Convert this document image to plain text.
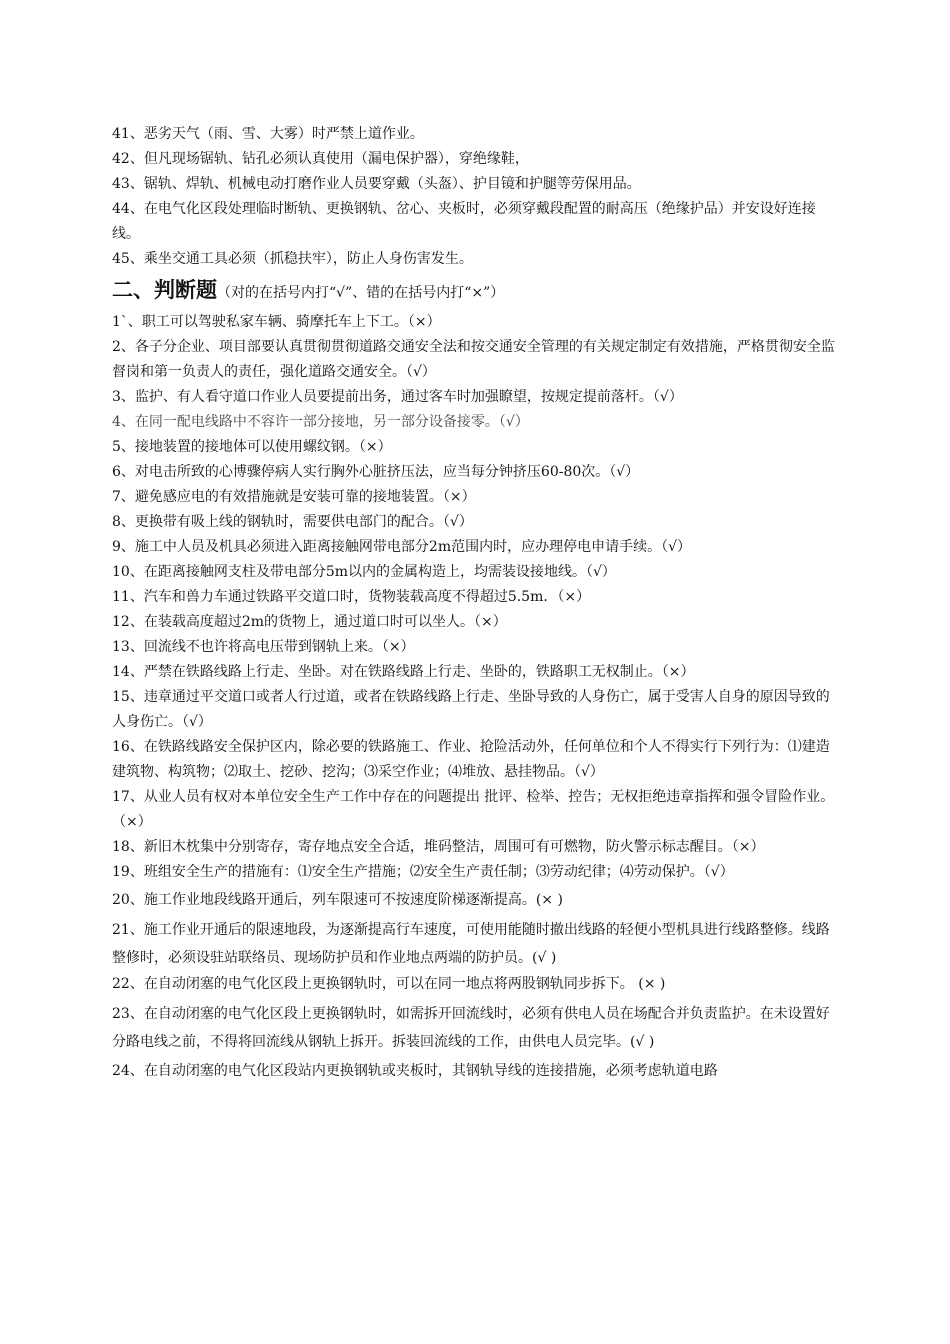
41、恶劣天气（雨、雪、大雾）时严禁上道作业。
42、但凡现场锯轨、钻孔必须认真使用（漏电保护器），穿绝缘鞋，
43、锯轨、焊轨、机械电动打磨作业人员要穿戴（头盔）、护目镜和护腿等劳保用品。

44、在电气化区段处理临时断轨、更换钢轨、岔心、夹板时，必须穿戴段配置的耐高压（绝缘护品）并安设好连接线。

45、乘坐交通工具必须（抓稳扶牢），防止人身伤害发生。
二、判断题（对的在括号内打“√”、错的在括号内打“×”）
1`、职工可以驾驶私家车辆、骑摩托车上下工。（×）

2、各子分企业、项目部要认真贯彻贯彻道路交通安全法和按交通安全管理的有关规定制定有效措施，严格贯彻安全监督岗和第一负责人的责任，强化道路交通安全。（√）

3、监护、有人看守道口作业人员要提前出务，通过客车时加强瞭望，按规定提前落杆。（√）
4、在同一配电线路中不容许一部分接地，另一部分设备接零。（√）
5、接地装置的接地体可以使用螺纹钢。（×）
6、对电击所致的心博骤停病人实行胸外心脏挤压法，应当每分钟挤压60-80次。（√）
7、避免感应电的有效措施就是安装可靠的接地装置。（×）
8、更换带有吸上线的钢轨时，需要供电部门的配合。（√）
9、施工中人员及机具必须进入距离接触网带电部分2m范围内时，应办理停电申请手续。（√）
10、在距离接触网支柱及带电部分5m以内的金属构造上，均需装设接地线。（√）
11、汽车和兽力车通过铁路平交道口时，货物装载高度不得超过5.5m．（×）
12、在装载高度超过2m的货物上，通过道口时可以坐人。（×）
13、回流线不也许将高电压带到钢轨上来。（×）
14、严禁在铁路线路上行走、坐卧。对在铁路线路上行走、坐卧的，铁路职工无权制止。（×）

15、违章通过平交道口或者人行过道，或者在铁路线路上行走、坐卧导致的人身伤亡，属于受害人自身的原因导致的人身伤亡。（√）

16、在铁路线路安全保护区内，除必要的铁路施工、作业、抢险活动外，任何单位和个人不得实行下列行为：⑴建造建筑物、构筑物；⑵取土、挖砂、挖沟；⑶采空作业；⑷堆放、悬挂物品。（√）

17、从业人员有权对本单位安全生产工作中存在的问题提出 批评、检举、控告；无权拒绝违章指挥和强令冒险作业。（×）

18、新旧木枕集中分别寄存，寄存地点安全合适，堆码整洁，周围可有可燃物，防火警示标志醒目。（×）

19、班组安全生产的措施有：⑴安全生产措施；⑵安全生产责任制；⑶劳动纪律；⑷劳动保护。（√）

20、施工作业地段线路开通后，列车限速可不按速度阶梯逐渐提高。(× )

21、施工作业开通后的限速地段，为逐渐提高行车速度，可使用能随时撤出线路的轻便小型机具进行线路整修。线路整修时，必须设驻站联络员、现场防护员和作业地点两端的防护员。(√ )

22、在自动闭塞的电气化区段上更换钢轨时，可以在同一地点将两股钢轨同步拆下。 (× )

23、在自动闭塞的电气化区段上更换钢轨时，如需拆开回流线时，必须有供电人员在场配合并负责监护。在未设置好分路电线之前，不得将回流线从钢轨上拆开。拆装回流线的工作，由供电人员完毕。(√ )

24、在自动闭塞的电气化区段站内更换钢轨或夹板时，其钢轨导线的连接措施，必须考虑轨道电路
